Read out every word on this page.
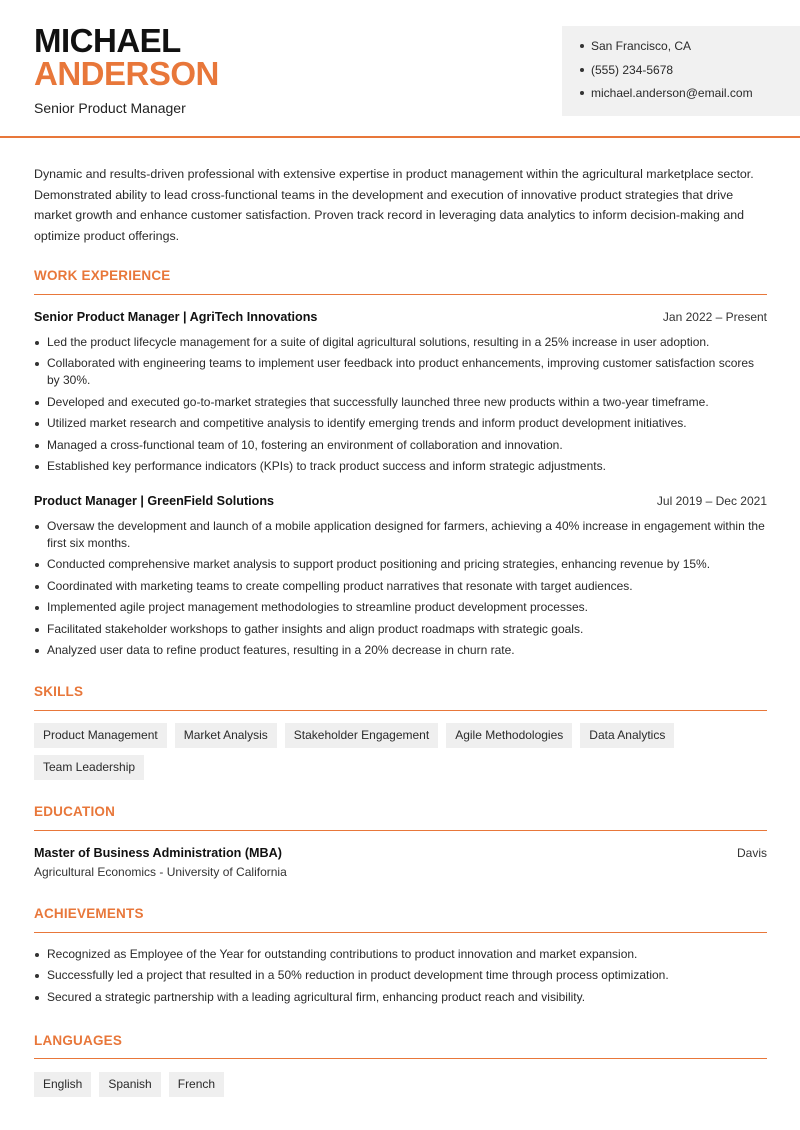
MICHAEL
ANDERSON
Senior Product Manager
San Francisco, CA
(555) 234-5678
michael.anderson@email.com

Dynamic and results-driven professional with extensive expertise in product management within the agricultural marketplace sector. Demonstrated ability to lead cross-functional teams in the development and execution of innovative product strategies that drive market growth and enhance customer satisfaction. Proven track record in leveraging data analytics to inform decision-making and optimize product offerings.

WORK EXPERIENCE
Senior Product Manager | AgriTech Innovations	Jan 2022 – Present
Led the product lifecycle management for a suite of digital agricultural solutions, resulting in a 25% increase in user adoption.
Collaborated with engineering teams to implement user feedback into product enhancements, improving customer satisfaction scores by 30%.
Developed and executed go-to-market strategies that successfully launched three new products within a two-year timeframe.
Utilized market research and competitive analysis to identify emerging trends and inform product development initiatives.
Managed a cross-functional team of 10, fostering an environment of collaboration and innovation.
Established key performance indicators (KPIs) to track product success and inform strategic adjustments.
Product Manager | GreenField Solutions	Jul 2019 – Dec 2021
Oversaw the development and launch of a mobile application designed for farmers, achieving a 40% increase in engagement within the first six months.
Conducted comprehensive market analysis to support product positioning and pricing strategies, enhancing revenue by 15%.
Coordinated with marketing teams to create compelling product narratives that resonate with target audiences.
Implemented agile project management methodologies to streamline product development processes.
Facilitated stakeholder workshops to gather insights and align product roadmaps with strategic goals.
Analyzed user data to refine product features, resulting in a 20% decrease in churn rate.
SKILLS
Product Management	Market Analysis	Stakeholder Engagement	Agile Methodologies	Data Analytics
Team Leadership
EDUCATION
Master of Business Administration (MBA)	Davis
Agricultural Economics - University of California
ACHIEVEMENTS
Recognized as Employee of the Year for outstanding contributions to product innovation and market expansion.
Successfully led a project that resulted in a 50% reduction in product development time through process optimization.
Secured a strategic partnership with a leading agricultural firm, enhancing product reach and visibility.
LANGUAGES
English	Spanish	French
